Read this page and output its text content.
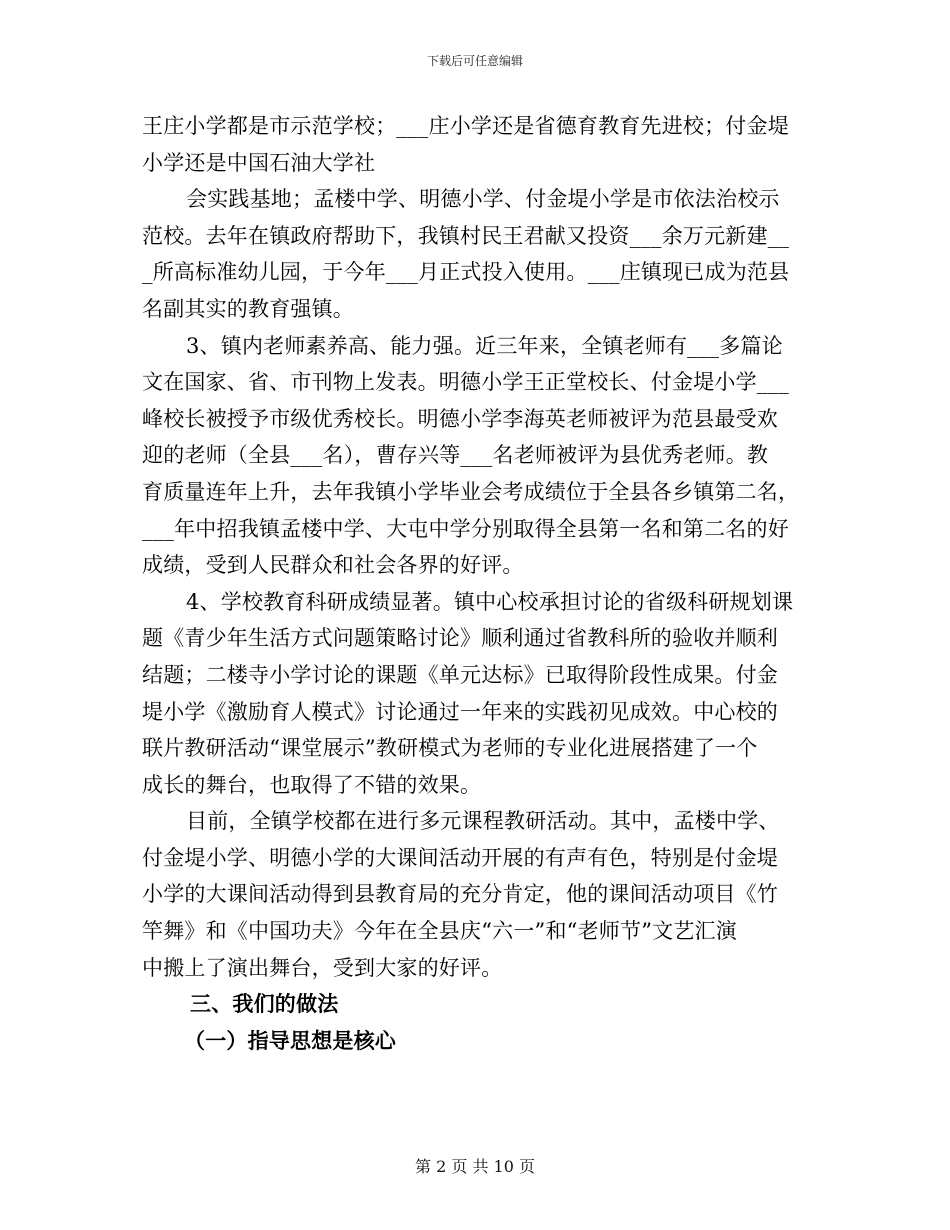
下载后可任意编辑
王庄小学都是市示范学校；___庄小学还是省德育教育先进校；付金堤
小学还是中国石油大学社
会实践基地；孟楼中学、明德小学、付金堤小学是市依法治校示
范校。去年在镇政府帮助下，我镇村民王君献又投资___余万元新建__
_所高标准幼儿园，于今年___月正式投入使用。___庄镇现已成为范县
名副其实的教育强镇。
3、镇内老师素养高、能力强。近三年来，全镇老师有___多篇论
文在国家、省、市刊物上发表。明德小学王正堂校长、付金堤小学___
峰校长被授予市级优秀校长。明德小学李海英老师被评为范县最受欢
迎的老师（全县___名），曹存兴等___名老师被评为县优秀老师。教
育质量连年上升，去年我镇小学毕业会考成绩位于全县各乡镇第二名，
___年中招我镇孟楼中学、大屯中学分别取得全县第一名和第二名的好
成绩，受到人民群众和社会各界的好评。
4、学校教育科研成绩显著。镇中心校承担讨论的省级科研规划课
题《青少年生活方式问题策略讨论》顺利通过省教科所的验收并顺利
结题；二楼寺小学讨论的课题《单元达标》已取得阶段性成果。付金
堤小学《激励育人模式》讨论通过一年来的实践初见成效。中心校的
联片教研活动“课堂展示”教研模式为老师的专业化进展搭建了一个
成长的舞台，也取得了不错的效果。
目前，全镇学校都在进行多元课程教研活动。其中，孟楼中学、
付金堤小学、明德小学的大课间活动开展的有声有色，特别是付金堤
小学的大课间活动得到县教育局的充分肯定，他的课间活动项目《竹
竿舞》和《中国功夫》今年在全县庆“六一”和“老师节”文艺汇演
中搬上了演出舞台，受到大家的好评。
三、我们的做法
（一）指导思想是核心
第 2 页 共 10 页
